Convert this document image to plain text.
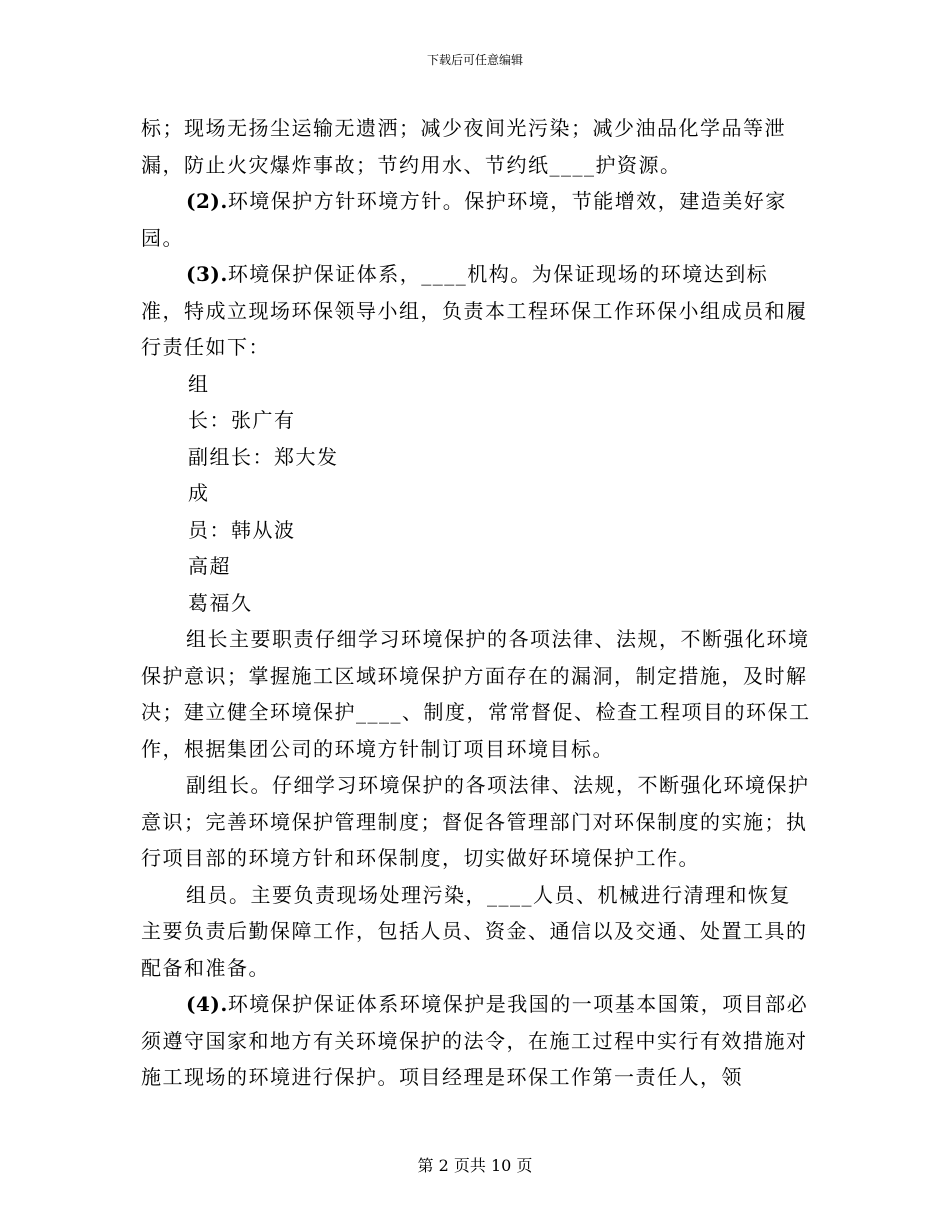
下载后可任意编辑

标；现场无扬尘运输无遗洒；减少夜间光污染；减少油品化学品等泄漏，防止火灾爆炸事故；节约用水、节约纸____护资源。

(2).环境保护方针环境方针。保护环境，节能增效，建造美好家园。

(3).环境保护保证体系，____机构。为保证现场的环境达到标准，特成立现场环保领导小组，负责本工程环保工作环保小组成员和履行责任如下：

组

长：张广有

副组长：郑大发

成

员：韩从波

高超

葛福久

组长主要职责仔细学习环境保护的各项法律、法规，不断强化环境保护意识；掌握施工区域环境保护方面存在的漏洞，制定措施，及时解决；建立健全环境保护____、制度，常常督促、检查工程项目的环保工作，根据集团公司的环境方针制订项目环境目标。

副组长。仔细学习环境保护的各项法律、法规，不断强化环境保护意识；完善环境保护管理制度；督促各管理部门对环保制度的实施；执行项目部的环境方针和环保制度，切实做好环境保护工作。

组员。主要负责现场处理污染，____人员、机械进行清理和恢复主要负责后勤保障工作，包括人员、资金、通信以及交通、处置工具的配备和准备。

(4).环境保护保证体系环境保护是我国的一项基本国策，项目部必须遵守国家和地方有关环境保护的法令，在施工过程中实行有效措施对施工现场的环境进行保护。项目经理是环保工作第一责任人，领

第 2 页共 10 页
